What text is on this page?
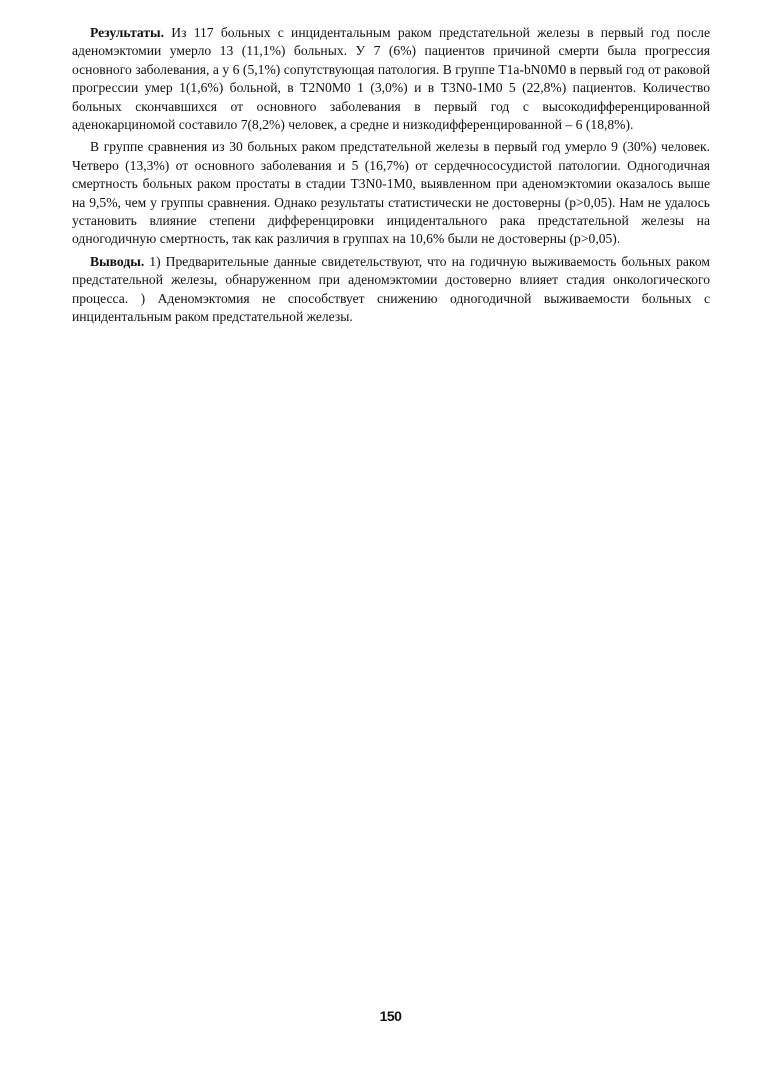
Результаты. Из 117 больных с инцидентальным раком предстательной железы в первый год после аденомэктомии умерло 13 (11,1%) больных. У 7 (6%) пациентов причиной смерти была прогрессия основного заболевания, а у 6 (5,1%) сопутствующая патология. В группе T1a-bN0M0 в первый год от раковой прогрессии умер 1(1,6%) больной, в T2N0M0 1 (3,0%) и в T3N0-1M0 5 (22,8%) пациентов. Количество больных скончавшихся от основного заболевания в первый год с высокодифференцированной аденокарциномой составило 7(8,2%) человек, а средне и низкодифференцированной – 6 (18,8%).

В группе сравнения из 30 больных раком предстательной железы в первый год умерло 9 (30%) человек. Четверо (13,3%) от основного заболевания и 5 (16,7%) от сердечнососудистой патологии. Одногодичная смертность больных раком простаты в стадии T3N0-1M0, выявленном при аденомэктомии оказалось выше на 9,5%, чем у группы сравнения. Однако результаты статистически не достоверны (p>0,05). Нам не удалось установить влияние степени дифференцировки инцидентального рака предстательной железы на одногодичную смертность, так как различия в группах на 10,6% были не достоверны (p>0,05).

Выводы. 1) Предварительные данные свидетельствуют, что на годичную выживаемость больных раком предстательной железы, обнаруженном при аденомэктомии достоверно влияет стадия онкологического процесса. ) Аденомэктомия не способствует снижению одногодичной выживаемости больных с инцидентальным раком предстательной железы.

150
